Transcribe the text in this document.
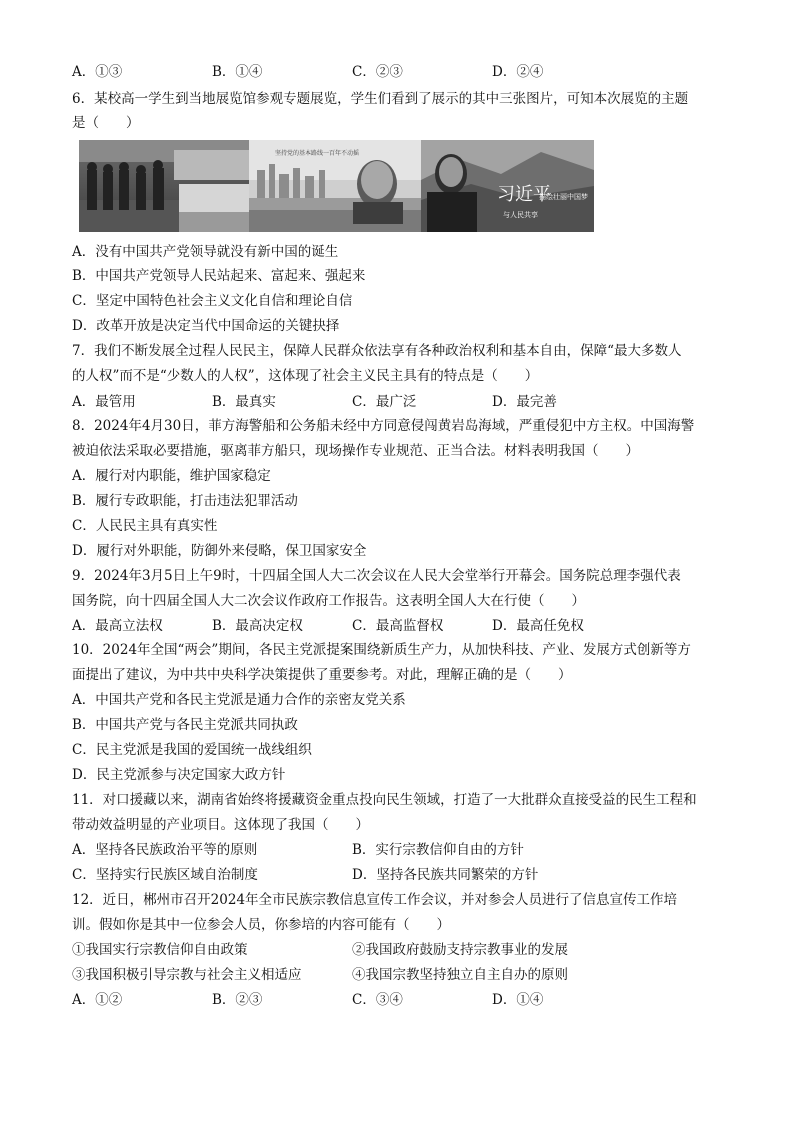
A．①③	B．①④	C．②③	D．②④
6．某校高一学生到当地展览馆参观专题展览，学生们看到了展示的其中三张图片，可知本次展览的主题
是（　　）
坚持党的基本路线一百年不动摇
习近平
描绘壮丽中国梦
与人民共享
A．没有中国共产党领导就没有新中国的诞生
B．中国共产党领导人民站起来、富起来、强起来
C．坚定中国特色社会主义文化自信和理论自信
D．改革开放是决定当代中国命运的关键抉择
7．我们不断发展全过程人民民主，保障人民群众依法享有各种政治权利和基本自由，保障“最大多数人
的人权”而不是“少数人的人权”，这体现了社会主义民主具有的特点是（　　）
A．最管用	B．最真实	C．最广泛	D．最完善
8．2024年4月30日，菲方海警船和公务船未经中方同意侵闯黄岩岛海域，严重侵犯中方主权。中国海警
被迫依法采取必要措施，驱离菲方船只，现场操作专业规范、正当合法。材料表明我国（　　）
A．履行对内职能，维护国家稳定
B．履行专政职能，打击违法犯罪活动
C．人民民主具有真实性
D．履行对外职能，防御外来侵略，保卫国家安全
9．2024年3月5日上午9时，十四届全国人大二次会议在人民大会堂举行开幕会。国务院总理李强代表
国务院，向十四届全国人大二次会议作政府工作报告。这表明全国人大在行使（　　）
A．最高立法权	B．最高决定权	C．最高监督权	D．最高任免权
10．2024年全国“两会”期间，各民主党派提案围绕新质生产力，从加快科技、产业、发展方式创新等方
面提出了建议，为中共中央科学决策提供了重要参考。对此，理解正确的是（　　）
A．中国共产党和各民主党派是通力合作的亲密友党关系
B．中国共产党与各民主党派共同执政
C．民主党派是我国的爱国统一战线组织
D．民主党派参与决定国家大政方针
11．对口援藏以来，湖南省始终将援藏资金重点投向民生领域，打造了一大批群众直接受益的民生工程和
带动效益明显的产业项目。这体现了我国（　　）
A．坚持各民族政治平等的原则	B．实行宗教信仰自由的方针
C．坚持实行民族区域自治制度	D．坚持各民族共同繁荣的方针
12．近日，郴州市召开2024年全市民族宗教信息宣传工作会议，并对参会人员进行了信息宣传工作培
训。假如你是其中一位参会人员，你参培的内容可能有（　　）
①我国实行宗教信仰自由政策	②我国政府鼓励支持宗教事业的发展
③我国积极引导宗教与社会主义相适应	④我国宗教坚持独立自主自办的原则
A．①②	B．②③	C．③④	D．①④
